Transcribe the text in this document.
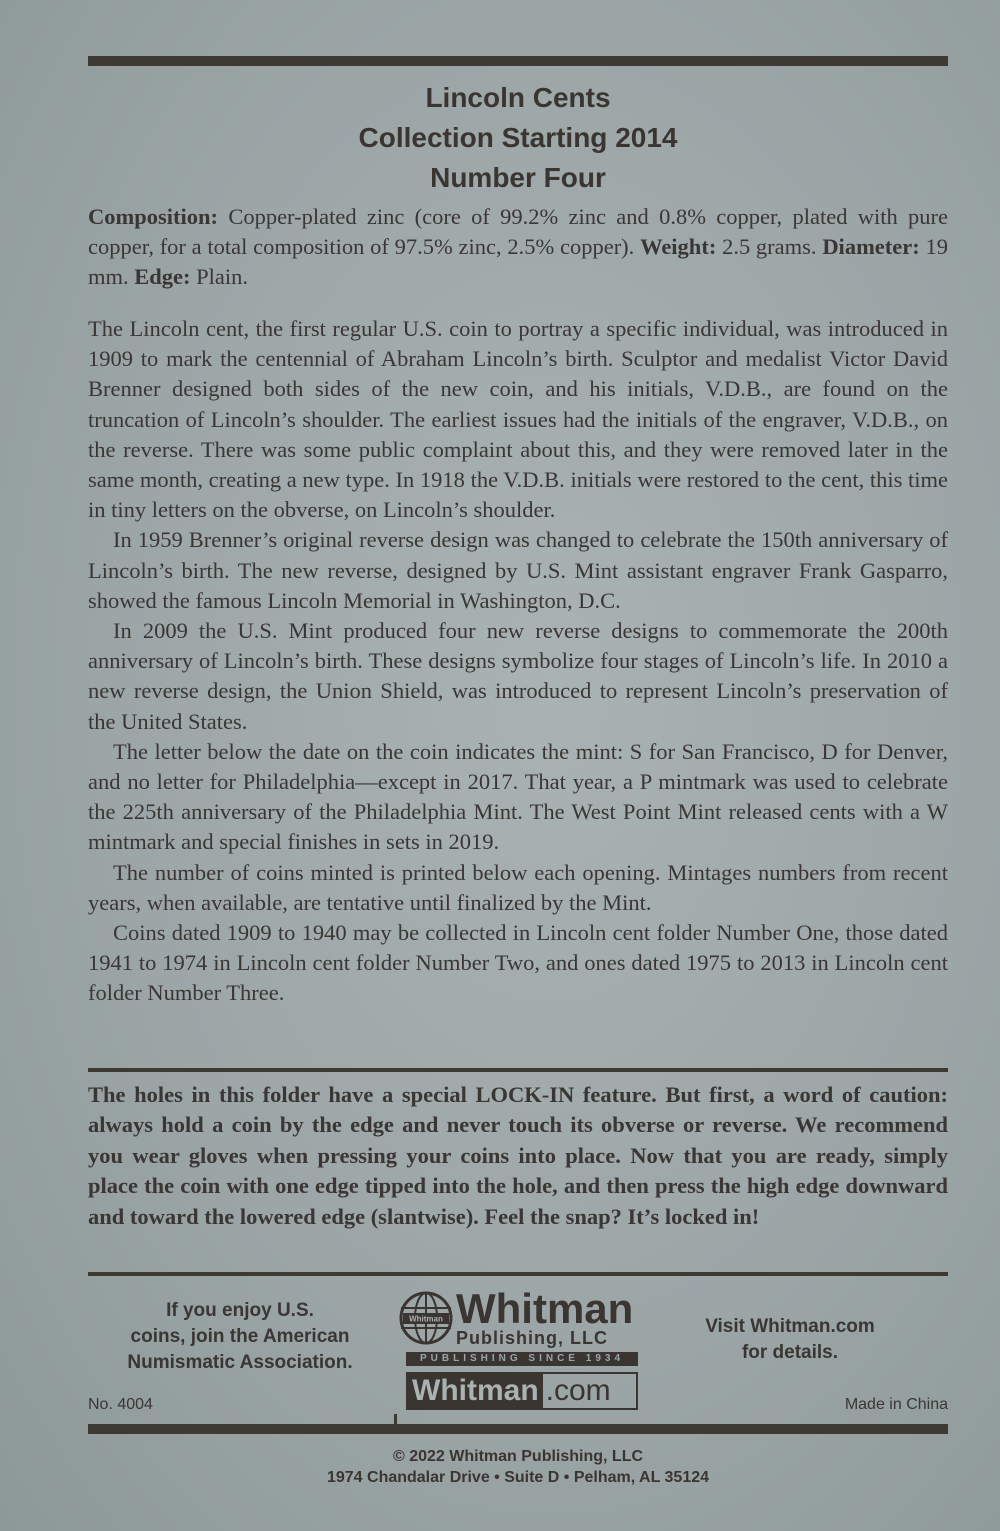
Lincoln Cents
Collection Starting 2014
Number Four
Composition: Copper-plated zinc (core of 99.2% zinc and 0.8% copper, plated with pure copper, for a total composition of 97.5% zinc, 2.5% copper). Weight: 2.5 grams. Diameter: 19 mm. Edge: Plain.

The Lincoln cent, the first regular U.S. coin to portray a specific individual, was introduced in 1909 to mark the centennial of Abraham Lincoln’s birth. Sculptor and medalist Victor David Brenner designed both sides of the new coin, and his initials, V.D.B., are found on the truncation of Lincoln’s shoulder. The earliest issues had the initials of the engraver, V.D.B., on the reverse. There was some public complaint about this, and they were removed later in the same month, creating a new type. In 1918 the V.D.B. initials were restored to the cent, this time in tiny letters on the obverse, on Lincoln’s shoulder.

In 1959 Brenner’s original reverse design was changed to celebrate the 150th anniversary of Lincoln’s birth. The new reverse, designed by U.S. Mint assistant engraver Frank Gasparro, showed the famous Lincoln Memorial in Washington, D.C.

In 2009 the U.S. Mint produced four new reverse designs to commemorate the 200th anniversary of Lincoln’s birth. These designs symbolize four stages of Lincoln’s life. In 2010 a new reverse design, the Union Shield, was introduced to represent Lincoln’s preservation of the United States.

The letter below the date on the coin indicates the mint: S for San Francisco, D for Denver, and no letter for Philadelphia—except in 2017. That year, a P mintmark was used to celebrate the 225th anniversary of the Philadelphia Mint. The West Point Mint released cents with a W mintmark and special finishes in sets in 2019.

The number of coins minted is printed below each opening. Mintages numbers from recent years, when available, are tentative until finalized by the Mint.

Coins dated 1909 to 1940 may be collected in Lincoln cent folder Number One, those dated 1941 to 1974 in Lincoln cent folder Number Two, and ones dated 1975 to 2013 in Lincoln cent folder Number Three.

The holes in this folder have a special LOCK-IN feature. But first, a word of caution: always hold a coin by the edge and never touch its obverse or reverse. We recommend you wear gloves when pressing your coins into place. Now that you are ready, simply place the coin with one edge tipped into the hole, and then press the high edge downward and toward the lowered edge (slantwise). Feel the snap? It’s locked in!
If you enjoy U.S.
coins, join the American
Numismatic Association.
Whitman Whitman
Publishing, LLC
PUBLISHING SINCE 1934
Whitman .com
Visit Whitman.com
for details.
No. 4004	Made in China
© 2022 Whitman Publishing, LLC
1974 Chandalar Drive • Suite D • Pelham, AL 35124
